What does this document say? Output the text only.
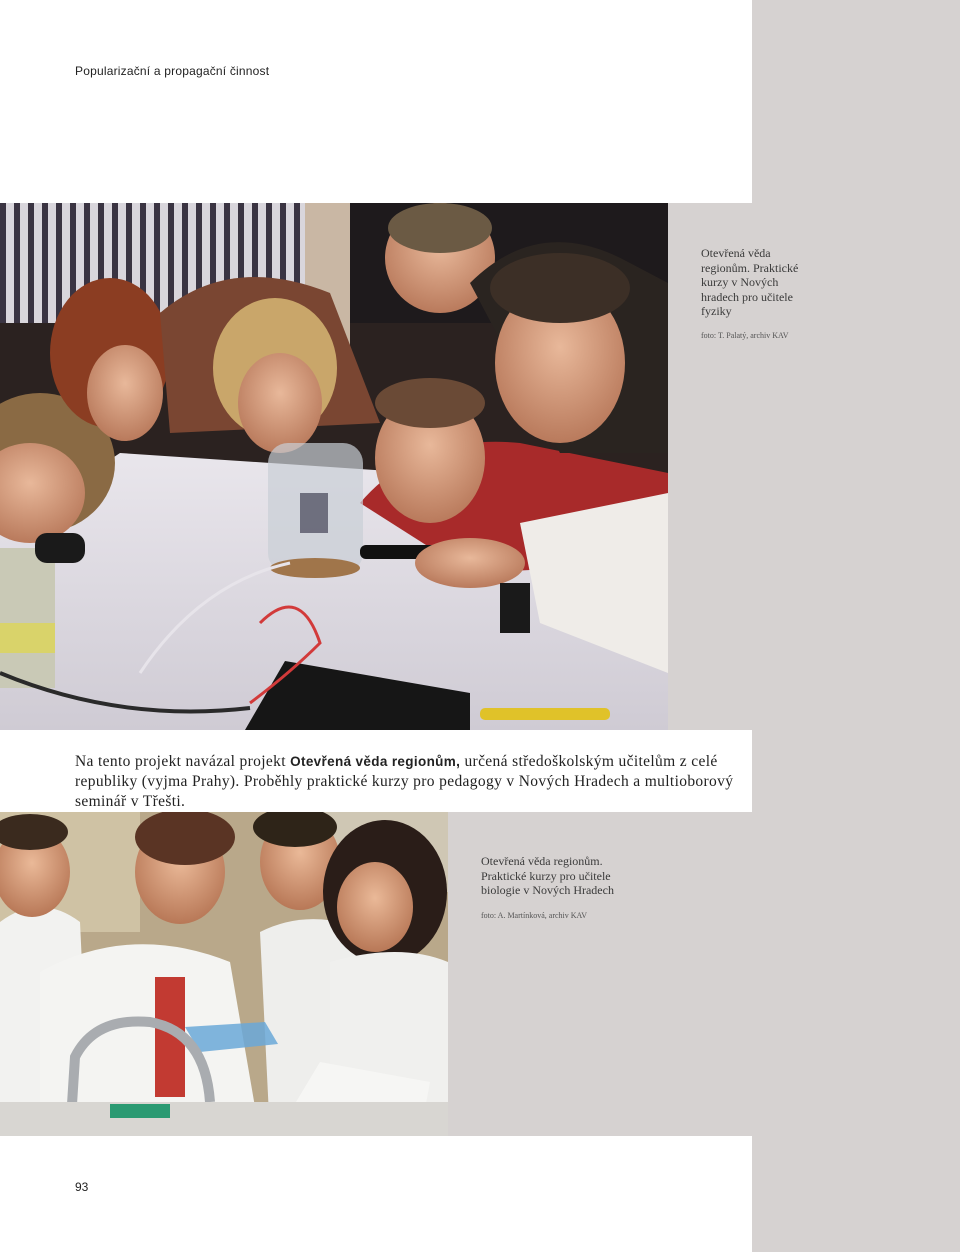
Popularizační a propagační činnost
Otevřená věda
regionům. Praktické
kurzy v Nových
hradech pro učitele
fyziky
foto: T. Palatý, archiv KAV
Na tento projekt navázal projekt Otevřená věda regionům, určená středoškolským učitelům z celé republiky (vyjma Prahy). Proběhly praktické kurzy pro pedagogy v Nových Hradech a multioborový seminář v Třešti.
Otevřená věda regionům.
Praktické kurzy pro učitele
biologie v Nových Hradech
foto: A. Martínková, archiv KAV
93
